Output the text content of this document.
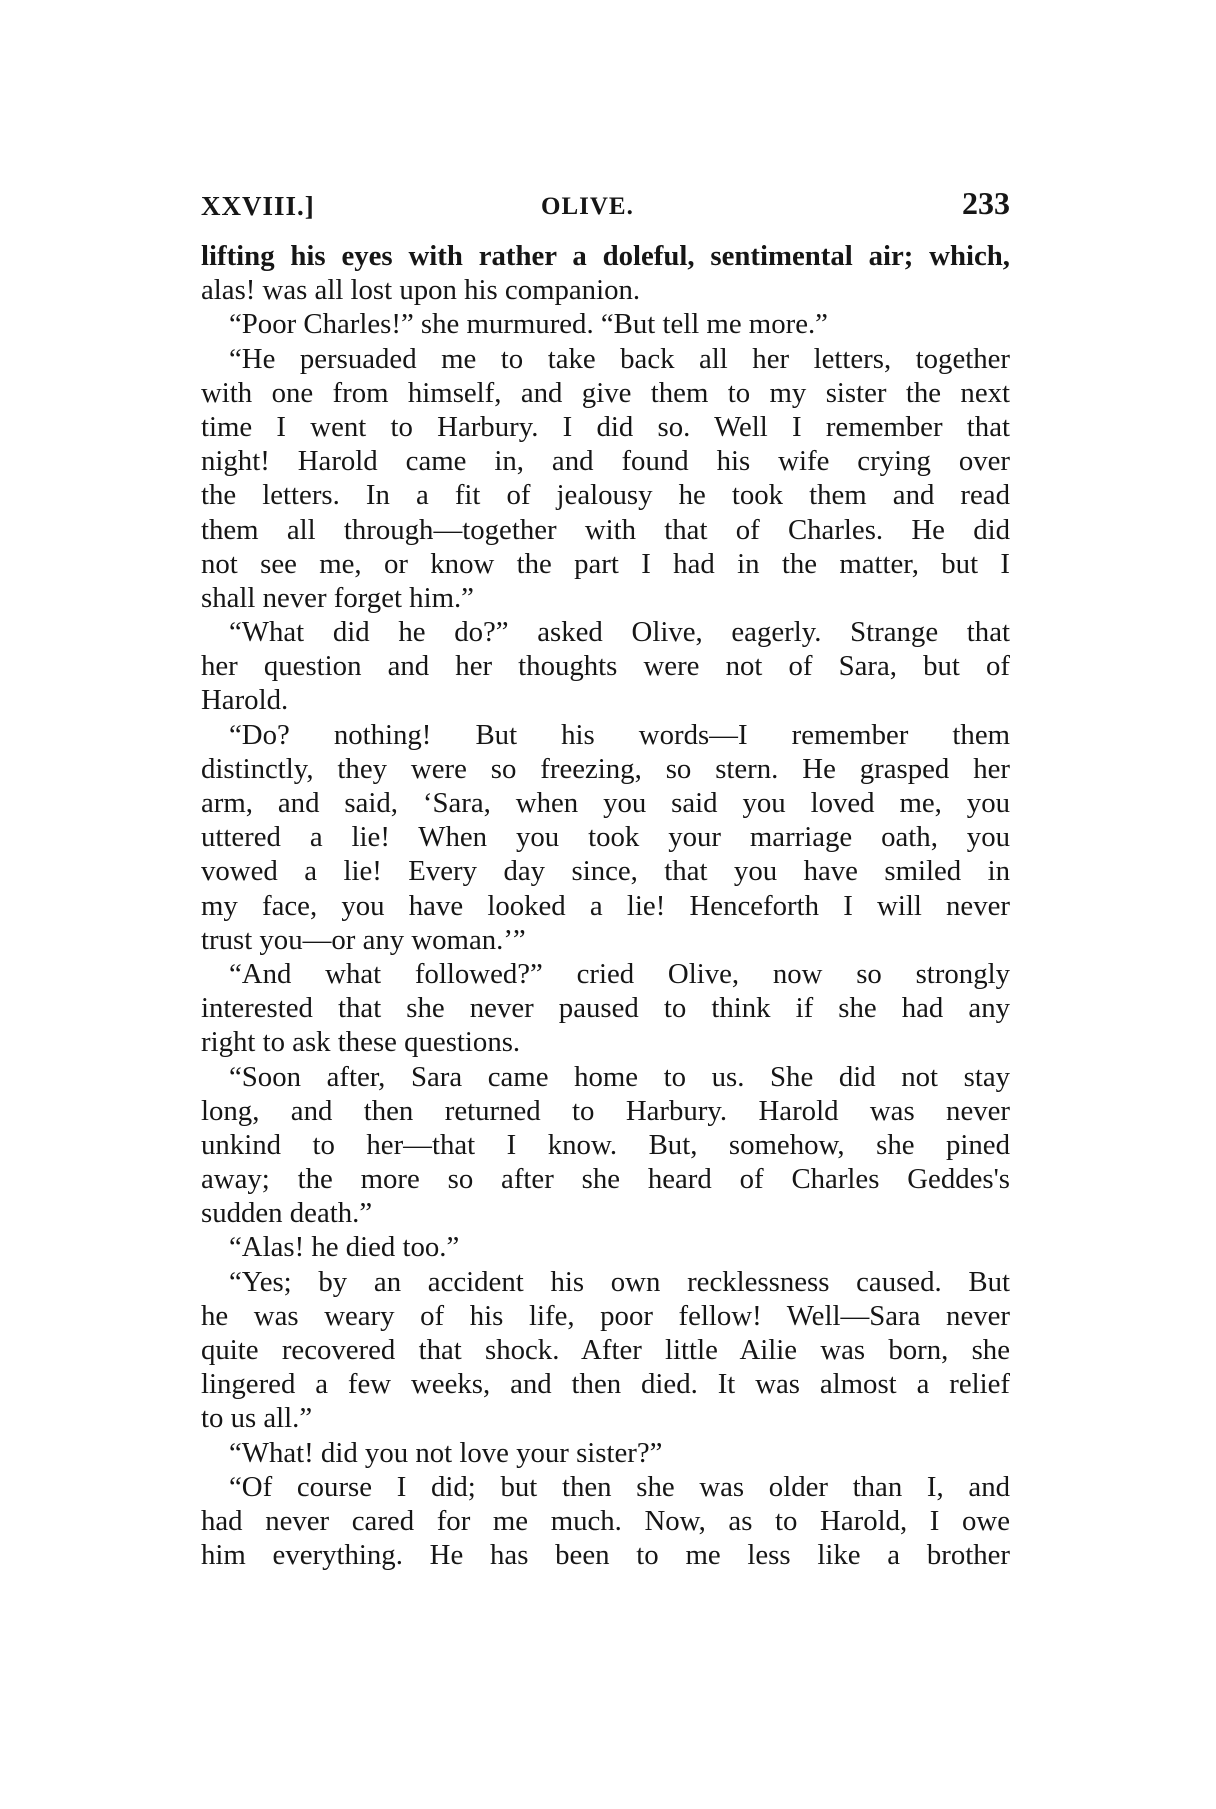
XXVIII.]	OLIVE.	233
lifting his eyes with rather a doleful, sentimental air; which,
alas! was all lost upon his companion.
“Poor Charles!” she murmured. “But tell me more.”
“He persuaded me to take back all her letters, together
with one from himself, and give them to my sister the next
time I went to Harbury. I did so. Well I remember that
night! Harold came in, and found his wife crying over
the letters. In a fit of jealousy he took them and read
them all through—together with that of Charles. He did
not see me, or know the part I had in the matter, but I
shall never forget him.”
“What did he do?” asked Olive, eagerly. Strange that
her question and her thoughts were not of Sara, but of
Harold.
“Do? nothing! But his words—I remember them
distinctly, they were so freezing, so stern. He grasped her
arm, and said, ‘Sara, when you said you loved me, you
uttered a lie! When you took your marriage oath, you
vowed a lie! Every day since, that you have smiled in
my face, you have looked a lie! Henceforth I will never
trust you—or any woman.’”
“And what followed?” cried Olive, now so strongly
interested that she never paused to think if she had any
right to ask these questions.
“Soon after, Sara came home to us. She did not stay
long, and then returned to Harbury. Harold was never
unkind to her—that I know. But, somehow, she pined
away; the more so after she heard of Charles Geddes's
sudden death.”
“Alas! he died too.”
“Yes; by an accident his own recklessness caused. But
he was weary of his life, poor fellow! Well—Sara never
quite recovered that shock. After little Ailie was born, she
lingered a few weeks, and then died. It was almost a relief
to us all.”
“What! did you not love your sister?”
“Of course I did; but then she was older than I, and
had never cared for me much. Now, as to Harold, I owe
him everything. He has been to me less like a brother
